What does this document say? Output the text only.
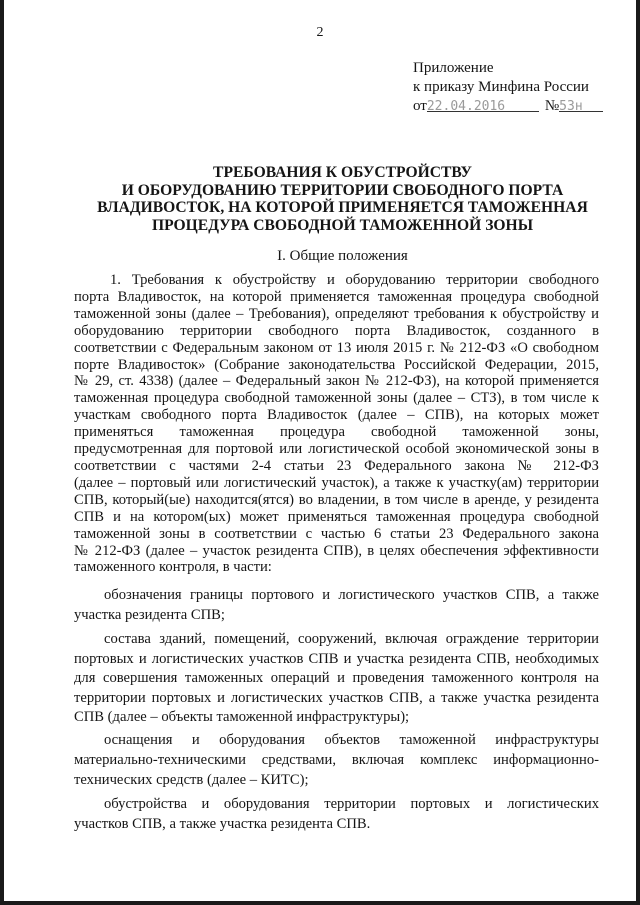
2
Приложение
к приказу Минфина России
от22.04.2016	№53н
ТРЕБОВАНИЯ К ОБУСТРОЙСТВУ
И ОБОРУДОВАНИЮ ТЕРРИТОРИИ СВОБОДНОГО ПОРТА
ВЛАДИВОСТОК, НА КОТОРОЙ ПРИМЕНЯЕТСЯ ТАМОЖЕННАЯ
ПРОЦЕДУРА СВОБОДНОЙ ТАМОЖЕННОЙ ЗОНЫ
I. Общие положения
1. Требования к обустройству и оборудованию территории свободного
порта Владивосток, на которой применяется таможенная процедура свободной
таможенной зоны (далее – Требования), определяют требования к обустройству и
оборудованию территории свободного порта Владивосток, созданного в
соответствии с Федеральным законом от 13 июля 2015 г. № 212-ФЗ «О свободном
порте Владивосток» (Собрание законодательства Российской Федерации, 2015,
№ 29, ст. 4338) (далее – Федеральный закон № 212-ФЗ), на которой применяется
таможенная процедура свободной таможенной зоны (далее – СТЗ), в том числе к
участкам свободного порта Владивосток (далее – СПВ), на которых может
применяться таможенная процедура свободной таможенной зоны,
предусмотренная для портовой или логистической особой экономической зоны в
соответствии с частями 2-4 статьи 23 Федерального закона № 212-ФЗ
(далее – портовый или логистический участок), а также к участку(ам) территории
СПВ, который(ые) находится(ятся) во владении, в том числе в аренде, у резидента
СПВ и на котором(ых) может применяться таможенная процедура свободной
таможенной зоны в соответствии с частью 6 статьи 23 Федерального закона
№ 212-ФЗ (далее – участок резидента СПВ), в целях обеспечения эффективности
таможенного контроля, в части:
обозначения границы портового и логистического участков СПВ, а также
участка резидента СПВ;
состава зданий, помещений, сооружений, включая ограждение территории
портовых и логистических участков СПВ и участка резидента СПВ, необходимых
для совершения таможенных операций и проведения таможенного контроля на
территории портовых и логистических участков СПВ, а также участка резидента
СПВ (далее – объекты таможенной инфраструктуры);
оснащения и оборудования объектов таможенной инфраструктуры
материально-техническими средствами, включая комплекс информационно-
технических средств (далее – КИТС);
обустройства и оборудования территории портовых и логистических
участков СПВ, а также участка резидента СПВ.
